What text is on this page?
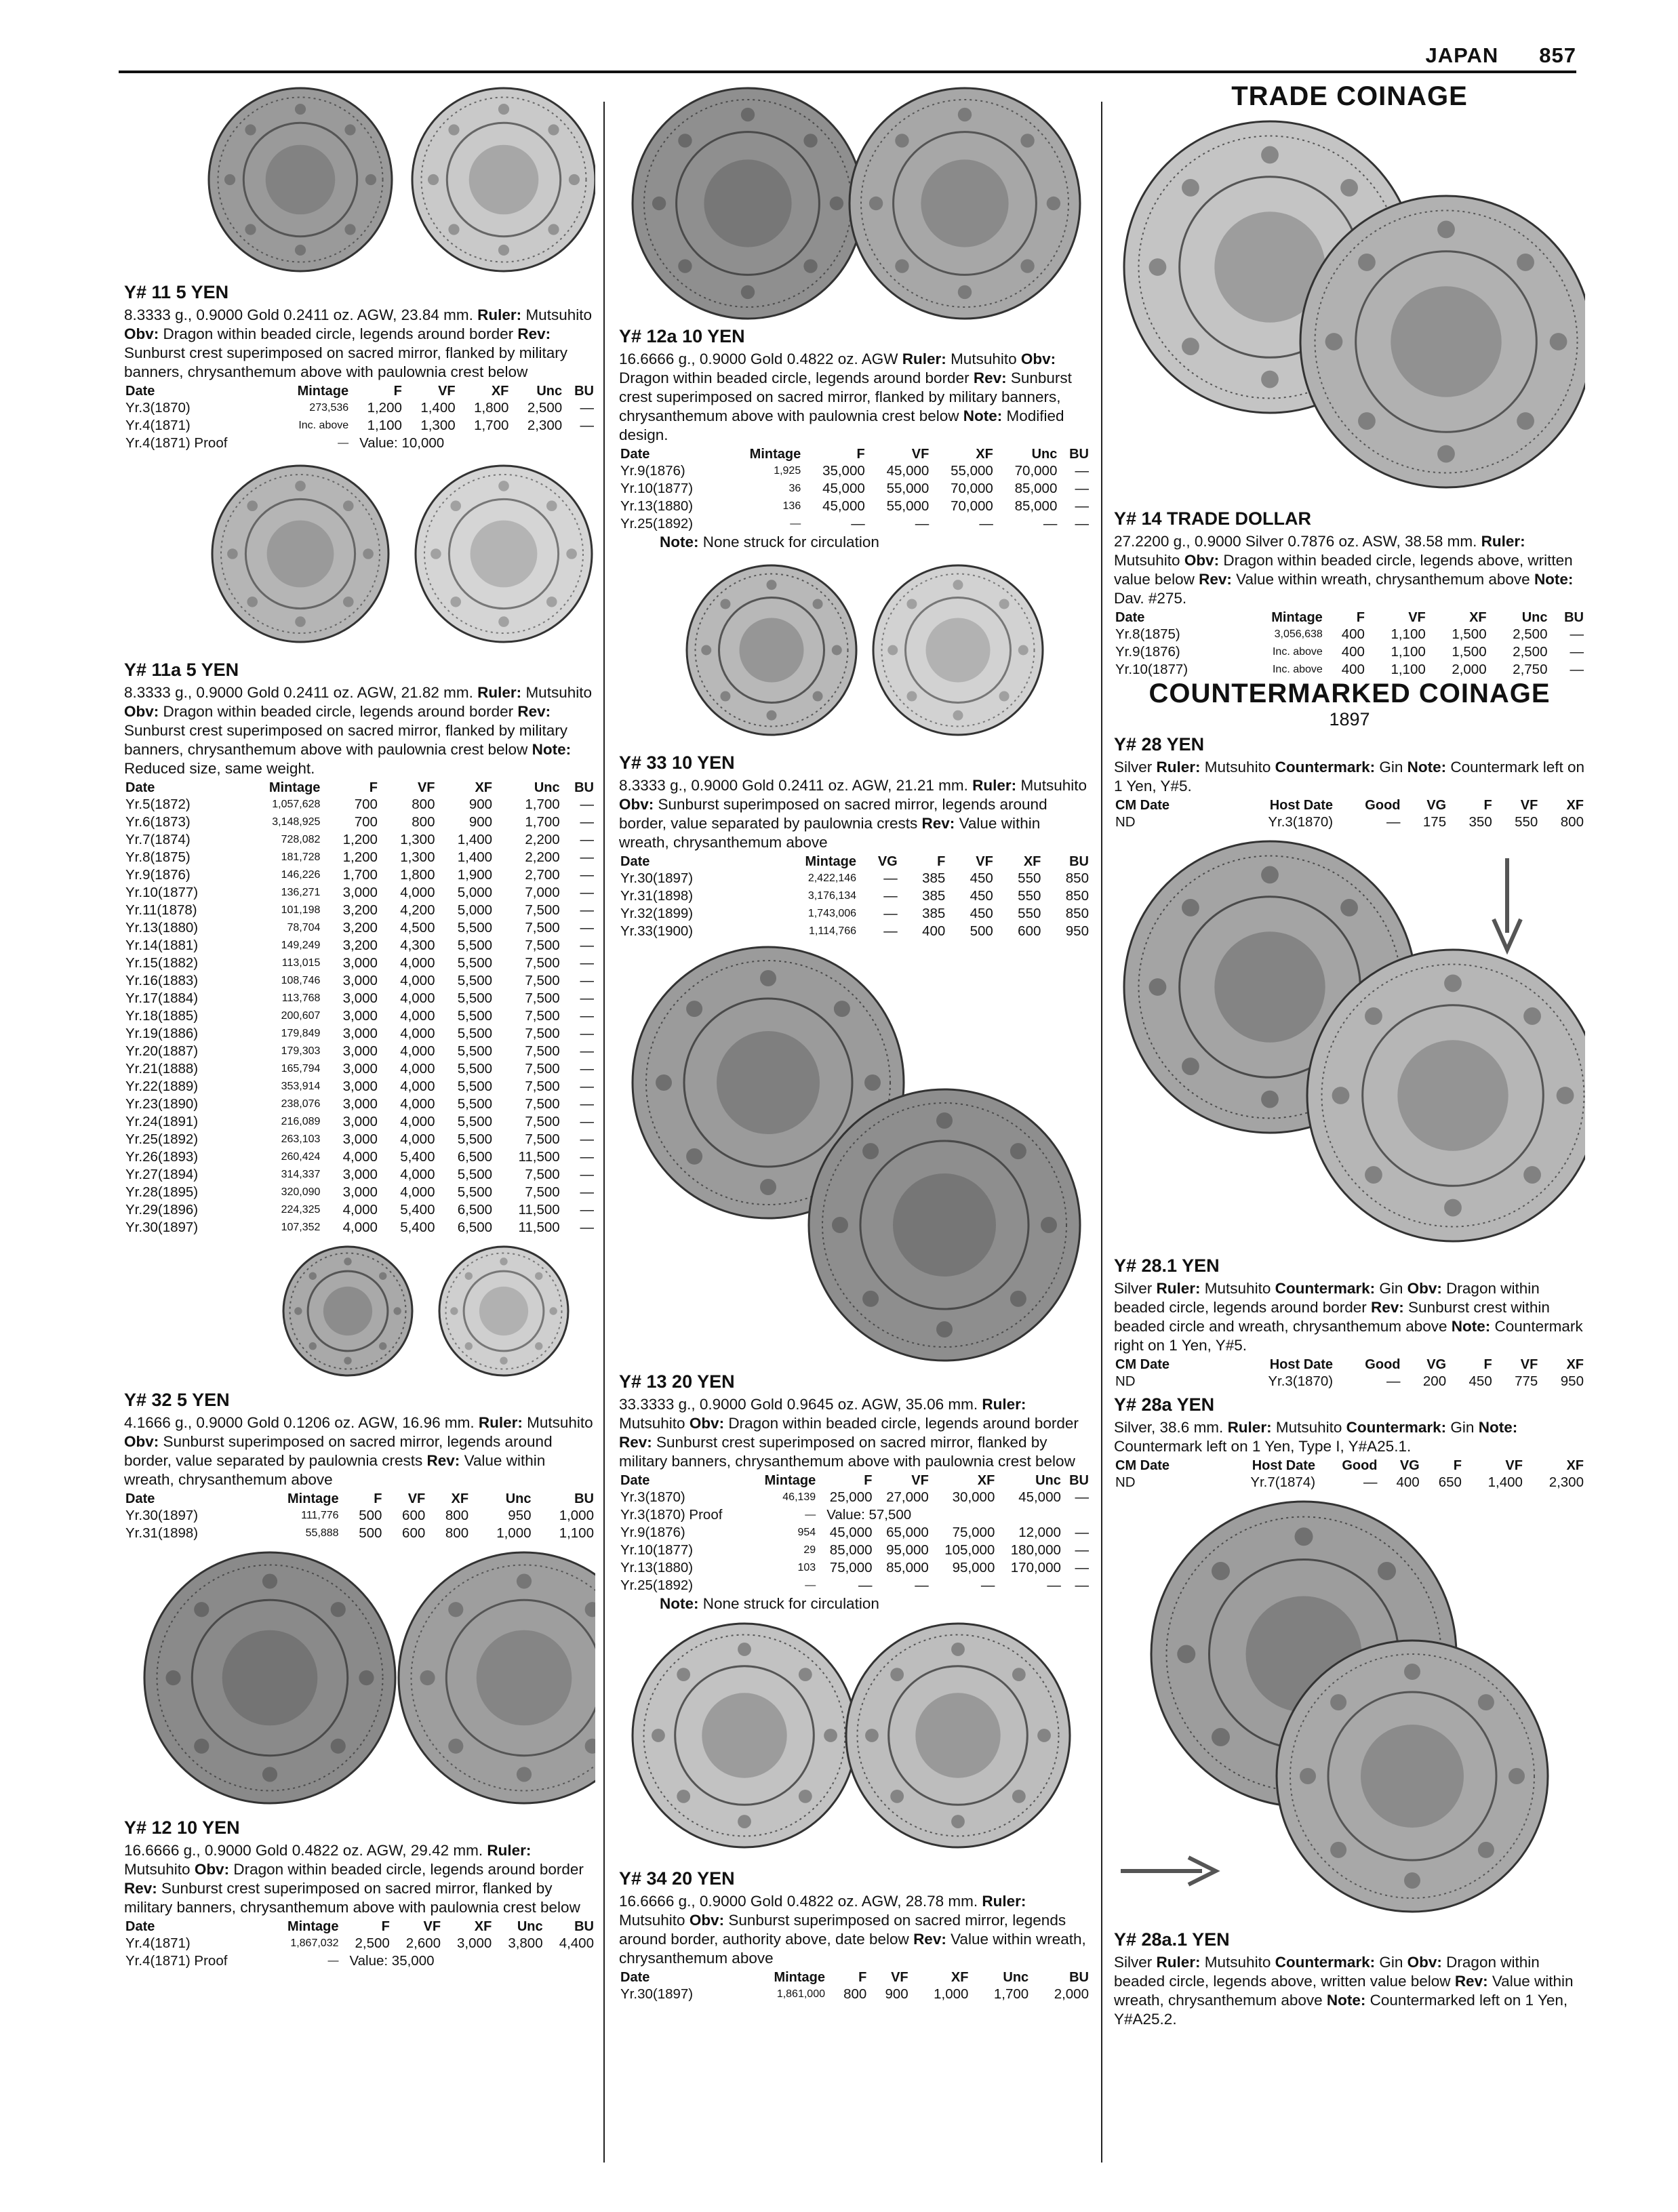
JAPAN 857
Y# 11 5 YEN
8.3333 g., 0.9000 Gold 0.2411 oz. AGW, 23.84 mm. Ruler: Mutsuhito Obv: Dragon within beaded circle, legends around border Rev: Sunburst crest superimposed on sacred mirror, flanked by military banners, chrysanthemum above with paulownia crest below
Date	Mintage	F	VF	XF	Unc	BU
Yr.3(1870)	273,536	1,200	1,400	1,800	2,500	—
Yr.4(1871)	Inc. above	1,100	1,300	1,700	2,300	—
Yr.4(1871) Proof	—	Value: 10,000				
Y# 11a 5 YEN
8.3333 g., 0.9000 Gold 0.2411 oz. AGW, 21.82 mm. Ruler: Mutsuhito Obv: Dragon within beaded circle, legends around border Rev: Sunburst crest superimposed on sacred mirror, flanked by military banners, chrysanthemum above with paulownia crest below Note: Reduced size, same weight.
Date	Mintage	F	VF	XF	Unc	BU
Yr.5(1872)	1,057,628	700	800	900	1,700	—
Yr.6(1873)	3,148,925	700	800	900	1,700	—
Yr.7(1874)	728,082	1,200	1,300	1,400	2,200	—
Yr.8(1875)	181,728	1,200	1,300	1,400	2,200	—
Yr.9(1876)	146,226	1,700	1,800	1,900	2,700	—
Yr.10(1877)	136,271	3,000	4,000	5,000	7,000	—
Yr.11(1878)	101,198	3,200	4,200	5,000	7,500	—
Yr.13(1880)	78,704	3,200	4,500	5,500	7,500	—
Yr.14(1881)	149,249	3,200	4,300	5,500	7,500	—
Yr.15(1882)	113,015	3,000	4,000	5,500	7,500	—
Yr.16(1883)	108,746	3,000	4,000	5,500	7,500	—
Yr.17(1884)	113,768	3,000	4,000	5,500	7,500	—
Yr.18(1885)	200,607	3,000	4,000	5,500	7,500	—
Yr.19(1886)	179,849	3,000	4,000	5,500	7,500	—
Yr.20(1887)	179,303	3,000	4,000	5,500	7,500	—
Yr.21(1888)	165,794	3,000	4,000	5,500	7,500	—
Yr.22(1889)	353,914	3,000	4,000	5,500	7,500	—
Yr.23(1890)	238,076	3,000	4,000	5,500	7,500	—
Yr.24(1891)	216,089	3,000	4,000	5,500	7,500	—
Yr.25(1892)	263,103	3,000	4,000	5,500	7,500	—
Yr.26(1893)	260,424	4,000	5,400	6,500	11,500	—
Yr.27(1894)	314,337	3,000	4,000	5,500	7,500	—
Yr.28(1895)	320,090	3,000	4,000	5,500	7,500	—
Yr.29(1896)	224,325	4,000	5,400	6,500	11,500	—
Yr.30(1897)	107,352	4,000	5,400	6,500	11,500	—
Y# 32 5 YEN
4.1666 g., 0.9000 Gold 0.1206 oz. AGW, 16.96 mm. Ruler: Mutsuhito Obv: Sunburst superimposed on sacred mirror, legends around border, value separated by paulownia crests Rev: Value within wreath, chrysanthemum above
Date	Mintage	F	VF	XF	Unc	BU
Yr.30(1897)	111,776	500	600	800	950	1,000
Yr.31(1898)	55,888	500	600	800	1,000	1,100
Y# 12 10 YEN
16.6666 g., 0.9000 Gold 0.4822 oz. AGW, 29.42 mm. Ruler: Mutsuhito Obv: Dragon within beaded circle, legends around border Rev: Sunburst crest superimposed on sacred mirror, flanked by military banners, chrysanthemum above with paulownia crest below
Date	Mintage	F	VF	XF	Unc	BU
Yr.4(1871)	1,867,032	2,500	2,600	3,000	3,800	4,400
Yr.4(1871) Proof	—	Value: 35,000				
Y# 12a 10 YEN
16.6666 g., 0.9000 Gold 0.4822 oz. AGW Ruler: Mutsuhito Obv: Dragon within beaded circle, legends around border Rev: Sunburst crest superimposed on sacred mirror, flanked by military banners, chrysanthemum above with paulownia crest below Note: Modified design.
Date	Mintage	F	VF	XF	Unc	BU
Yr.9(1876)	1,925	35,000	45,000	55,000	70,000	—
Yr.10(1877)	36	45,000	55,000	70,000	85,000	—
Yr.13(1880)	136	45,000	55,000	70,000	85,000	—
Yr.25(1892)	—	—	—	—	—	—
Note: None struck for circulation
Y# 33 10 YEN
8.3333 g., 0.9000 Gold 0.2411 oz. AGW, 21.21 mm. Ruler: Mutsuhito Obv: Sunburst superimposed on sacred mirror, legends around border, value separated by paulownia crests Rev: Value within wreath, chrysanthemum above
Date	Mintage	VG	F	VF	XF	BU
Yr.30(1897)	2,422,146	—	385	450	550	850
Yr.31(1898)	3,176,134	—	385	450	550	850
Yr.32(1899)	1,743,006	—	385	450	550	850
Yr.33(1900)	1,114,766	—	400	500	600	950
Y# 13 20 YEN
33.3333 g., 0.9000 Gold 0.9645 oz. AGW, 35.06 mm. Ruler: Mutsuhito Obv: Dragon within beaded circle, legends around border Rev: Sunburst crest superimposed on sacred mirror, flanked by military banners, chrysanthemum above with paulownia crest below
Date	Mintage	F	VF	XF	Unc	BU
Yr.3(1870)	46,139	25,000	27,000	30,000	45,000	—
Yr.3(1870) Proof	—	Value: 57,500				
Yr.9(1876)	954	45,000	65,000	75,000	12,000	—
Yr.10(1877)	29	85,000	95,000	105,000	180,000	—
Yr.13(1880)	103	75,000	85,000	95,000	170,000	—
Yr.25(1892)	—	—	—	—	—	—
Note: None struck for circulation
Y# 34 20 YEN
16.6666 g., 0.9000 Gold 0.4822 oz. AGW, 28.78 mm. Ruler: Mutsuhito Obv: Sunburst superimposed on sacred mirror, legends around border, authority above, date below Rev: Value within wreath, chrysanthemum above
Date	Mintage	F	VF	XF	Unc	BU
Yr.30(1897)	1,861,000	800	900	1,000	1,700	2,000
TRADE COINAGE
Y# 14 TRADE DOLLAR
27.2200 g., 0.9000 Silver 0.7876 oz. ASW, 38.58 mm. Ruler: Mutsuhito Obv: Dragon within beaded circle, legends above, written value below Rev: Value within wreath, chrysanthemum above Note: Dav. #275.
Date	Mintage	F	VF	XF	Unc	BU
Yr.8(1875)	3,056,638	400	1,100	1,500	2,500	—
Yr.9(1876)	Inc. above	400	1,100	1,500	2,500	—
Yr.10(1877)	Inc. above	400	1,100	2,000	2,750	—
COUNTERMARKED COINAGE
1897
Y# 28 YEN
Silver Ruler: Mutsuhito Countermark: Gin Note: Countermark left on 1 Yen, Y#5.
CM Date	Host Date	Good	VG	F	VF	XF
ND	Yr.3(1870)	—	175	350	550	800
Y# 28.1 YEN
Silver Ruler: Mutsuhito Countermark: Gin Obv: Dragon within beaded circle, legends around border Rev: Sunburst crest within beaded circle and wreath, chrysanthemum above Note: Countermark right on 1 Yen, Y#5.
CM Date	Host Date	Good	VG	F	VF	XF
ND	Yr.3(1870)	—	200	450	775	950
Y# 28a YEN
Silver, 38.6 mm. Ruler: Mutsuhito Countermark: Gin Note: Countermark left on 1 Yen, Type I, Y#A25.1.
CM Date	Host Date	Good	VG	F	VF	XF
ND	Yr.7(1874)	—	400	650	1,400	2,300
Y# 28a.1 YEN
Silver Ruler: Mutsuhito Countermark: Gin Obv: Dragon within beaded circle, legends above, written value below Rev: Value within wreath, chrysanthemum above Note: Countermarked left on 1 Yen, Y#A25.2.
